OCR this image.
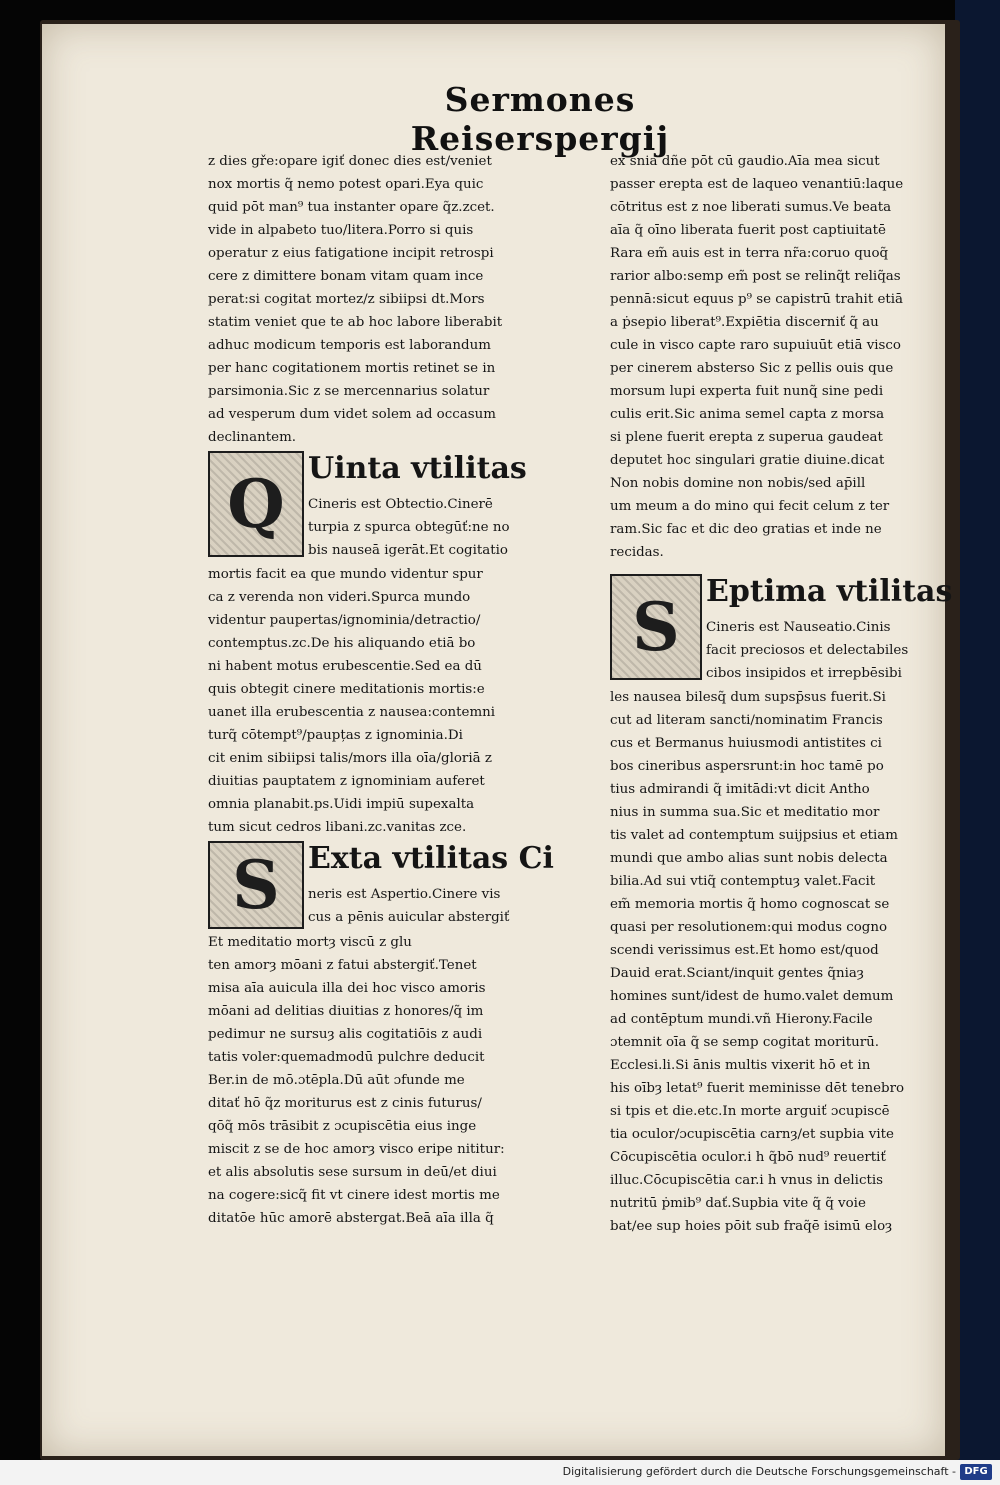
Sermones Reiserspergij
z dies gře:opare igiť donec dies est/veniet
nox mortis q̃ nemo potest opari.Eya quic
quid pōt man⁹ tua instanter opare q̃z.zcet.
vide in alpabeto tuo/litera.Porro si quis
operatur z eius fatigatione incipit retrospi
cere z dimittere bonam vitam quam ince
perat:si cogitat mortez/z sibiipsi dt.Mors
statim veniet que te ab hoc labore liberabit
adhuc modicum temporis est laborandum
per hanc cogitationem mortis retinet se in
parsimonia.Sic z se mercennarius solatur
ad vesperum dum videt solem ad occasum
declinantem.
Q Uinta vtilitas
Cineris est Obtectio.Cinerē
turpia z spurca obtegūť:ne no
bis nauseā igerāt.Et cogitatio
mortis facit ea que mundo videntur spur
ca z verenda non videri.Spurca mundo
videntur paupertas/ignominia/detractio/
contemptus.zc.De his aliquando etiā bo
ni habent motus erubescentie.Sed ea dū
quis obtegit cinere meditationis mortis:e
uanet illa erubescentia z nausea:contemni
turq̃ cōtempt⁹/paupțas z ignominia.Di
cit enim sibiipsi talis/mors illa oīa/gloriā z
diuitias pauptatem z ignominiam auferet
omnia planabit.ps.Uidi impiū supexalta
tum sicut cedros libani.zc.vanitas zce.
S Exta vtilitas Ci
neris est Aspertio.Cinere vis
cus a pēnis auicular abstergiť
Et meditatio mortȝ viscū z glu
ten amorȝ mōani z fatui abstergiť.Tenet
misa aīa auicula illa dei hoc visco amoris
mōani ad delitias diuitias z honores/q̃ im
pedimur ne sursuȝ alis cogitatiōis z audi
tatis voler:quemadmodū pulchre deducit
Ber.in de mō.ɔtēpla.Dū aūt ɔfunde me
ditať hō q̃z moriturus est z cinis futurus/
qōq̃ mōs trāsibit z ɔcupiscētia eius inge
miscit z se de hoc amorȝ visco eripe nititur:
et alis absolutis sese sursum in deū/et diui
na cogere:sicq̃ fit vt cinere idest mortis me
ditatōe hūc amorē abstergat.Beā aīa illa q̃
ex snia dñe pōt cū gaudio.Aīa mea sicut
passer erepta est de laqueo venantiū:laque
cōtritus est z noe liberati sumus.Ve beata
aīa q̃ oīno liberata fuerit post captiuitatē
Rara em̃ auis est in terra nr̃a:coruo quoq̃
rarior albo:semp em̃ post se relinq̃t reliq̃as
pennā:sicut equus p⁹ se capistrū trahit etiā
a ṗsepio liberat⁹.Expiētia discerniť q̃ au
cule in visco capte raro supuiuūt etiā visco
per cinerem absterso Sic z pellis ouis que
morsum lupi experta fuit nunq̃ sine pedi
culis erit.Sic anima semel capta z morsa
si plene fuerit erepta z superua gaudeat
deputet hoc singulari gratie diuine.dicat
Non nobis domine non nobis/sed ap̄ill
um meum a do mino qui fecit celum z ter
ram.Sic fac et dic deo gratias et inde ne
recidas.
S Eptima vtilitas
Cineris est Nauseatio.Cinis
facit preciosos et delectabiles
cibos insipidos et irrepbēsibi
les nausea bilesq̃ dum supsp̄sus fuerit.Si
cut ad literam sancti/nominatim Francis
cus et Bermanus huiusmodi antistites ci
bos cineribus aspersrunt:in hoc tamē po
tius admirandi q̃ imitādi:vt dicit Antho
nius in summa sua.Sic et meditatio mor
tis valet ad contemptum suijpsius et etiam
mundi que ambo alias sunt nobis delecta
bilia.Ad sui vtiq̃ contemptuȝ valet.Facit
em̃ memoria mortis q̃ homo cognoscat se
quasi per resolutionem:qui modus cogno
scendi verissimus est.Et homo est/quod
Dauid erat.Sciant/inquit gentes q̃niaȝ
homines sunt/idest de humo.valet demum
ad contēptum mundi.vñ Hierony.Facile
ɔtemnit oīa q̃ se semp cogitat moriturū.
Ecclesi.li.Si ānis multis vixerit hō et in
his oībȝ letat⁹ fuerit meminisse dēt tenebro
si tpis et die.etc.In morte arguiť ɔcupiscē
tia oculor/ɔcupiscētia carnȝ/et supbia vite
Cōcupiscētia oculor.i h q̃bō nud⁹ reuertiť
illuc.Cōcupiscētia car.i h vnus in delictis
nutritū ṗmib⁹ dať.Supbia vite q̃ q̃ voie
bat/ee sup hoies pōit sub fraq̃ē isimū eloȝ
Digitalisierung gefördert durch die Deutsche Forschungsgemeinschaft - DFG
